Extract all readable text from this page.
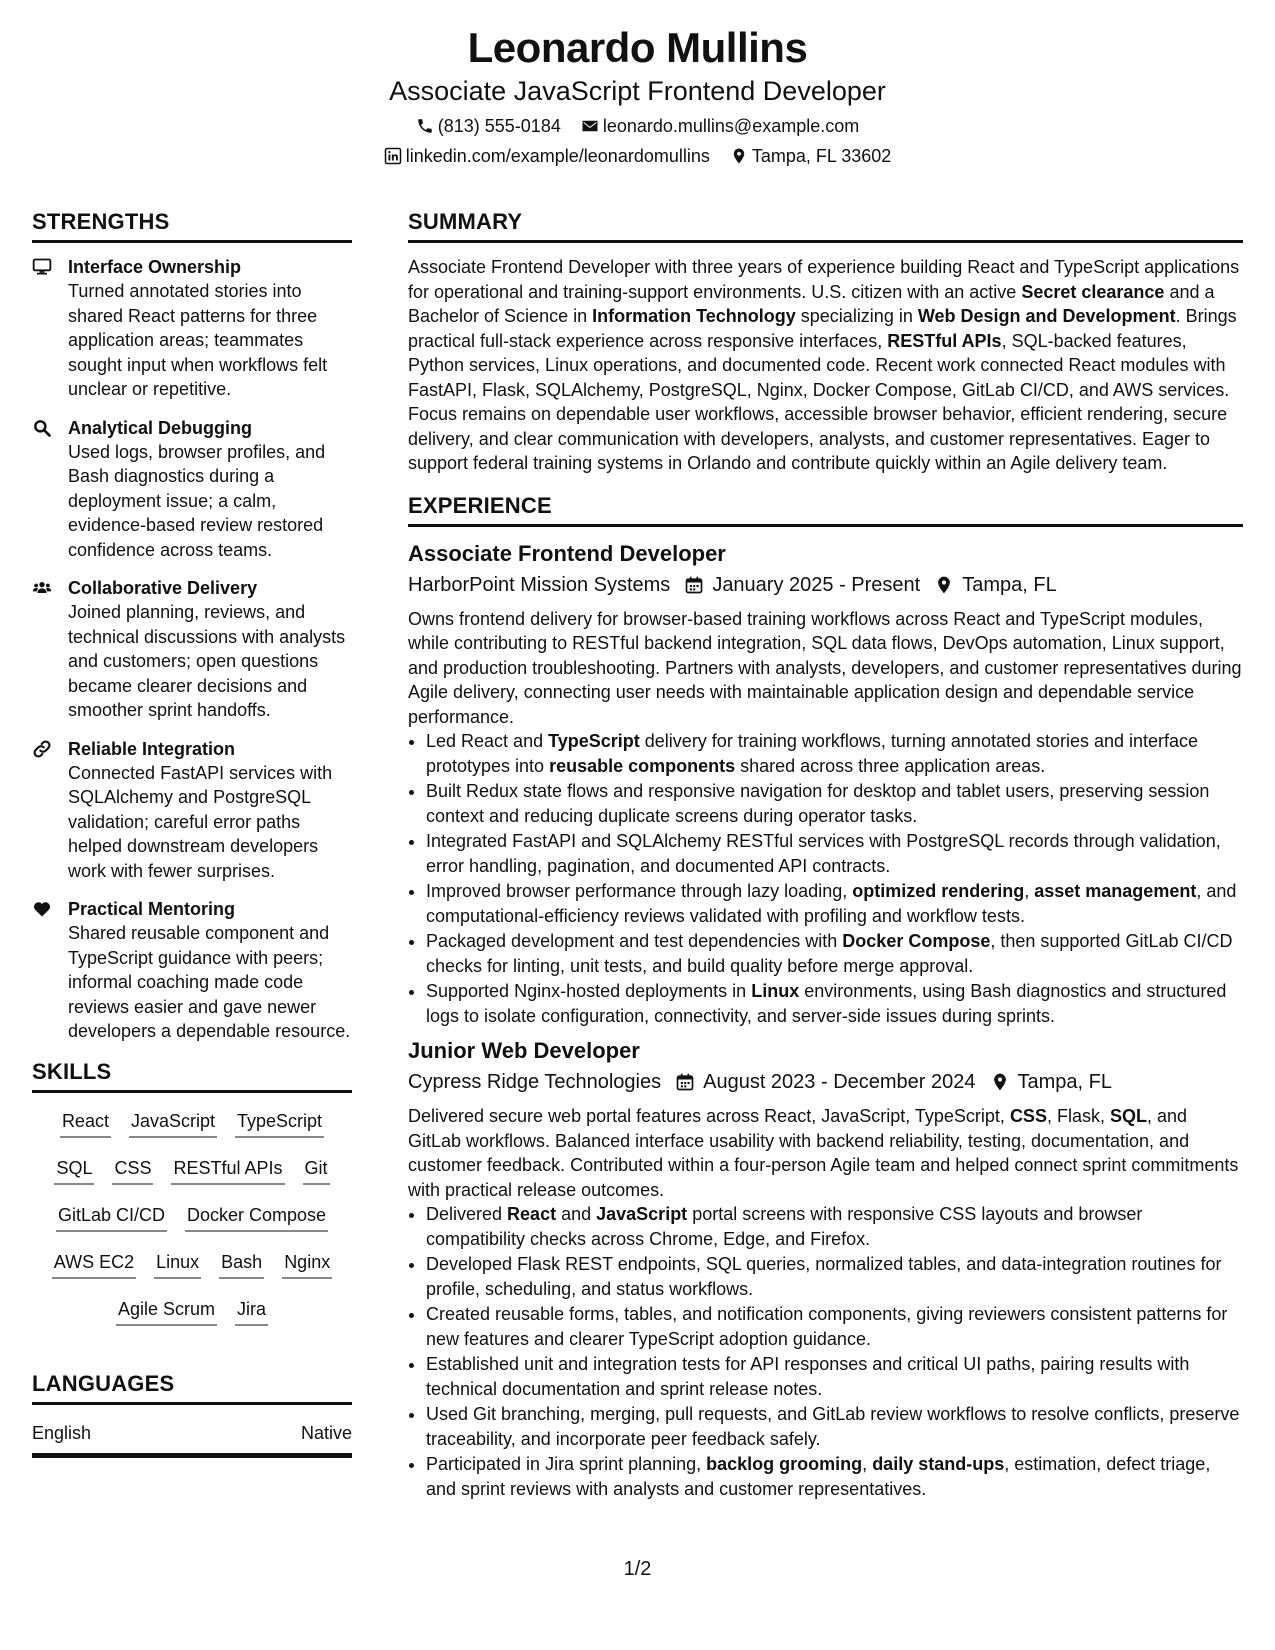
Leonardo Mullins
Associate JavaScript Frontend Developer
(813) 555-0184 leonardo.mullins@example.com
linkedin.com/example/leonardomullins Tampa, FL 33602
STRENGTHS
Interface Ownership
Turned annotated stories into shared React patterns for three application areas; teammates sought input when workflows felt unclear or repetitive.
Analytical Debugging
Used logs, browser profiles, and Bash diagnostics during a deployment issue; a calm, evidence-based review restored confidence across teams.
Collaborative Delivery
Joined planning, reviews, and technical discussions with analysts and customers; open questions became clearer decisions and smoother sprint handoffs.
Reliable Integration
Connected FastAPI services with SQLAlchemy and PostgreSQL validation; careful error paths helped downstream developers work with fewer surprises.
Practical Mentoring
Shared reusable component and TypeScript guidance with peers; informal coaching made code reviews easier and gave newer developers a dependable resource.
SKILLS
React JavaScript TypeScript
SQL CSS RESTful APIs Git
GitLab CI/CD Docker Compose
AWS EC2 Linux Bash Nginx
Agile Scrum Jira
LANGUAGES
English	Native
SUMMARY

Associate Frontend Developer with three years of experience building React and TypeScript applications for operational and training-support environments. U.S. citizen with an active Secret clearance and a Bachelor of Science in Information Technology specializing in Web Design and Development. Brings practical full-stack experience across responsive interfaces, RESTful APIs, SQL-backed features, Python services, Linux operations, and documented code. Recent work connected React modules with FastAPI, Flask, SQLAlchemy, PostgreSQL, Nginx, Docker Compose, GitLab CI/CD, and AWS services. Focus remains on dependable user workflows, accessible browser behavior, efficient rendering, secure delivery, and clear communication with developers, analysts, and customer representatives. Eager to support federal training systems in Orlando and contribute quickly within an Agile delivery team.

EXPERIENCE
Associate Frontend Developer
HarborPoint Mission Systems January 2025 - Present Tampa, FL

Owns frontend delivery for browser-based training workflows across React and TypeScript modules, while contributing to RESTful backend integration, SQL data flows, DevOps automation, Linux support, and production troubleshooting. Partners with analysts, developers, and customer representatives during Agile delivery, connecting user needs with maintainable application design and dependable service performance.

• Led React and TypeScript delivery for training workflows, turning annotated stories and interface prototypes into reusable components shared across three application areas.
• Built Redux state flows and responsive navigation for desktop and tablet users, preserving session context and reducing duplicate screens during operator tasks.
• Integrated FastAPI and SQLAlchemy RESTful services with PostgreSQL records through validation, error handling, pagination, and documented API contracts.
• Improved browser performance through lazy loading, optimized rendering, asset management, and computational-efficiency reviews validated with profiling and workflow tests.
• Packaged development and test dependencies with Docker Compose, then supported GitLab CI/CD checks for linting, unit tests, and build quality before merge approval.
• Supported Nginx-hosted deployments in Linux environments, using Bash diagnostics and structured logs to isolate configuration, connectivity, and server-side issues during sprints.
Junior Web Developer
Cypress Ridge Technologies August 2023 - December 2024 Tampa, FL

Delivered secure web portal features across React, JavaScript, TypeScript, CSS, Flask, SQL, and GitLab workflows. Balanced interface usability with backend reliability, testing, documentation, and customer feedback. Contributed within a four-person Agile team and helped connect sprint commitments with practical release outcomes.

• Delivered React and JavaScript portal screens with responsive CSS layouts and browser compatibility checks across Chrome, Edge, and Firefox.
• Developed Flask REST endpoints, SQL queries, normalized tables, and data-integration routines for profile, scheduling, and status workflows.
• Created reusable forms, tables, and notification components, giving reviewers consistent patterns for new features and clearer TypeScript adoption guidance.
• Established unit and integration tests for API responses and critical UI paths, pairing results with technical documentation and sprint release notes.
• Used Git branching, merging, pull requests, and GitLab review workflows to resolve conflicts, preserve traceability, and incorporate peer feedback safely.
• Participated in Jira sprint planning, backlog grooming, daily stand-ups, estimation, defect triage, and sprint reviews with analysts and customer representatives.
1/2
